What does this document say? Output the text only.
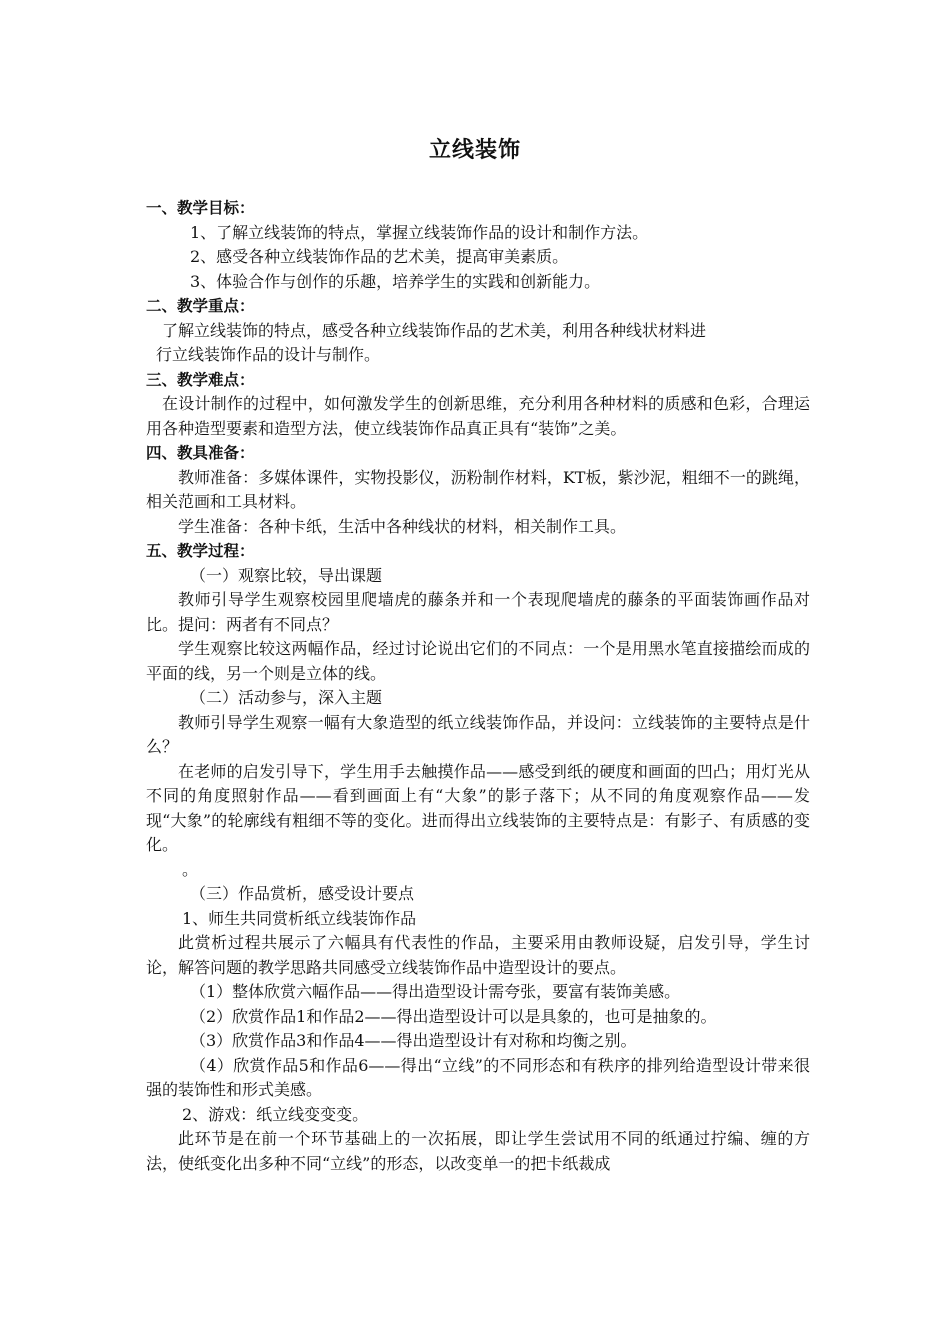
立线装饰

一、教学目标：

1、了解立线装饰的特点，掌握立线装饰作品的设计和制作方法。

2、感受各种立线装饰作品的艺术美，提高审美素质。

3、体验合作与创作的乐趣，培养学生的实践和创新能力。

二、教学重点：

了解立线装饰的特点，感受各种立线装饰作品的艺术美，利用各种线状材料进

行立线装饰作品的设计与制作。

三、教学难点：

在设计制作的过程中，如何激发学生的创新思维，充分利用各种材料的质感和色彩，合理运用各种造型要素和造型方法，使立线装饰作品真正具有“装饰”之美。

四、教具准备：

教师准备：多媒体课件，实物投影仪，沥粉制作材料，KT板，紫沙泥，粗细不一的跳绳，相关范画和工具材料。

学生准备：各种卡纸，生活中各种线状的材料，相关制作工具。

五、教学过程：

（一）观察比较，导出课题

教师引导学生观察校园里爬墙虎的藤条并和一个表现爬墙虎的藤条的平面装饰画作品对比。提问：两者有不同点？

学生观察比较这两幅作品，经过讨论说出它们的不同点：一个是用黑水笔直接描绘而成的平面的线，另一个则是立体的线。

（二）活动参与，深入主题

教师引导学生观察一幅有大象造型的纸立线装饰作品，并设问：立线装饰的主要特点是什么？

在老师的启发引导下，学生用手去触摸作品——感受到纸的硬度和画面的凹凸；用灯光从不同的角度照射作品——看到画面上有“大象”的影子落下；从不同的角度观察作品——发现“大象”的轮廓线有粗细不等的变化。进而得出立线装饰的主要特点是：有影子、有质感的变化。

。

（三）作品赏析，感受设计要点

1、师生共同赏析纸立线装饰作品

此赏析过程共展示了六幅具有代表性的作品，主要采用由教师设疑，启发引导，学生讨论，解答问题的教学思路共同感受立线装饰作品中造型设计的要点。

（1）整体欣赏六幅作品——得出造型设计需夸张，要富有装饰美感。

（2）欣赏作品1和作品2——得出造型设计可以是具象的，也可是抽象的。

（3）欣赏作品3和作品4——得出造型设计有对称和均衡之别。

（4）欣赏作品5和作品6——得出“立线”的不同形态和有秩序的排列给造型设计带来很强的装饰性和形式美感。

2、游戏：纸立线变变变。

此环节是在前一个环节基础上的一次拓展，即让学生尝试用不同的纸通过拧编、缠的方法，使纸变化出多种不同“立线”的形态，以改变单一的把卡纸裁成
